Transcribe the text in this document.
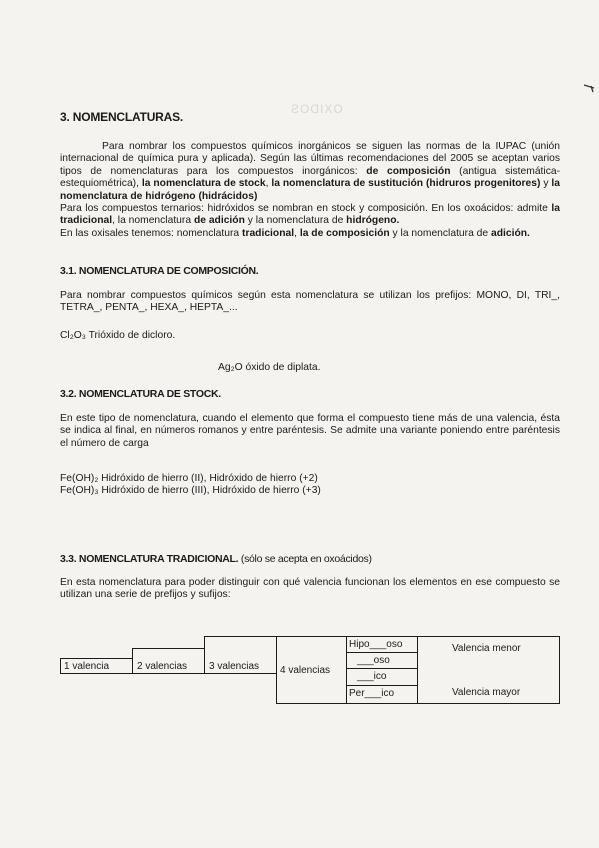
OXIDOS
3. NOMENCLATURAS.

Para nombrar los compuestos químicos inorgánicos se siguen las normas de la IUPAC (unión internacional de química pura y aplicada). Según las últimas recomendaciones del 2005 se aceptan varios tipos de nomenclaturas para los compuestos inorgánicos: de composición (antigua sistemática-estequiométrica), la nomenclatura de stock, la nomenclatura de sustitución (hidruros progenitores) y la nomenclatura de hidrógeno (hidrácidos)

Para los compuestos ternarios: hidróxidos se nombran en stock y composición. En los oxoácidos: admite la tradicional, la nomenclatura de adición y la nomenclatura de hidrógeno.

En las oxisales tenemos: nomenclatura tradicional, la de composición y la nomenclatura de adición.

3.1. NOMENCLATURA DE COMPOSICIÓN.

Para nombrar compuestos químicos según esta nomenclatura se utilizan los prefijos: MONO, DI, TRI_, TETRA_, PENTA_, HEXA_, HEPTA_...

Cl₂O₃ Trióxido de dicloro.
Ag₂O óxido de diplata.
3.2. NOMENCLATURA DE STOCK.

En este tipo de nomenclatura, cuando el elemento que forma el compuesto tiene más de una valencia, ésta se indica al final, en números romanos y entre paréntesis. Se admite una variante poniendo entre paréntesis el número de carga

Fe(OH)₂ Hidróxido de hierro (II), Hidróxido de hierro (+2)
Fe(OH)₃ Hidróxido de hierro (III), Hidróxido de hierro (+3)
3.3. NOMENCLATURA TRADICIONAL. (sólo se acepta en oxoácidos)

En esta nomenclatura para poder distinguir con qué valencia funcionan los elementos en ese compuesto se utilizan una serie de prefijos y sufijos:

1 valencia	2 valencias 3 valencias 4 valencias
Hipo___oso
___oso
___ico
Per___ico
Valencia menor
Valencia mayor
